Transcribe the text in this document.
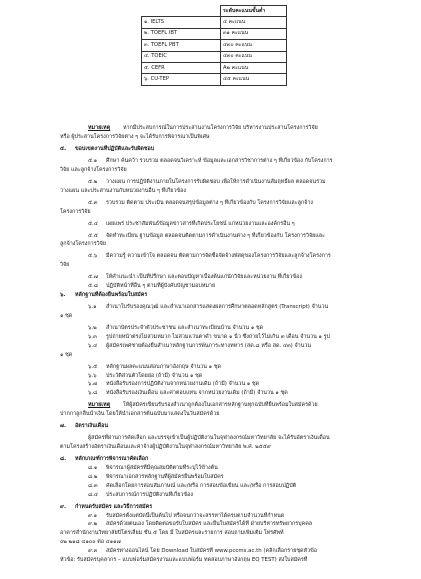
	ระดับคะแนนขั้นต่ำ
๑. IELTS	๔ คะแนน
๒. TOEFL IBT	๓๑ คะแนน
๓. TOEFL PBT	๔๓๐ คะแนน
๔. TOEIC	๔๓๐ คะแนน
๕. CEFR	A๒ คะแนน
๖. CU-TEP	๔๕ คะแนน
หมายเหตุ หากมีประสบการณ์ในการประสานงานโครงการวิจัย บริหารงานประสานโครงการวิจัย
หรือ ผู้ประสานโครงการวิจัยต่าง ๆ จะได้รับการพิจารณาเป็นพิเศษ
๕. ขอบเขตงานที่ปฏิบัติและรับผิดชอบ
๕.๑ ศึกษา ค้นคว้า รวบรวม ตลอดจนวิเคราะห์ ข้อมูลและเอกสารวิชาการต่าง ๆ ที่เกี่ยวข้อง กับโครงการ
วิจัย และลูกจ้างโครงการวิจัย
๕.๒ วางแผน การปฏิบัติงานภายในโครงการรับผิดชอบ เพื่อให้การดำเนินงานสัมฤทธิ์ผล ตลอดจนร่วม
วางแผน และประสานงานกับหน่วยงานอื่น ๆ ที่เกี่ยวข้อง
๕.๓ รวบรวม ติดตาม ประเมิน ตลอดจนสรุปข้อมูลต่าง ๆ ที่เกี่ยวข้องกับ โครงการวิจัยและลูกจ้าง
โครงการวิจัย
๕.๔ เผยแพร่ ประชาสัมพันธ์ข้อมูลข่าวสารที่เกิดประโยชน์ แก่หน่วยงานและองค์กรอื่น ๆ
๕.๕ จัดทำทะเบียน ฐานข้อมูล ตลอดจนติดตามการดำเนินงานต่าง ๆ ที่เกี่ยวข้องกับ โครงการวิจัยและ
ลูกจ้างโครงการวิจัย
๕.๖ มีความรู้ ความเข้าใจ ตลอดจน ติดตามการจัดซื้อจัดจ้างพัสดุของโครงการวิจัยและลูกจ้างโครงการ
วิจัย
๕.๗ ให้คำแนะนำ เป็นที่ปรึกษา และตอบปัญหาเบื้องต้นแก่นักวิจัยและหน่วยงาน ที่เกี่ยวข้อง
๕.๘ ปฏิบัติหน้าที่อื่น ๆ ตามที่ผู้บังคับบัญชามอบหมาย
๖. หลักฐานที่ต้องยื่นพร้อมใบสมัคร
๖.๑ สำเนาใบรับรองคุณวุฒิ และสำเนาเอกสารแสดงผลการศึกษาตลอดหลักสูตร (Transcript) จำนวน
๑ ชุด
๖.๒ สำเนาบัตรประจำตัวประชาชน และสำเนาทะเบียนบ้าน จำนวน ๑ ชุด
๖.๓ รูปถ่ายหน้าตรงไม่สวมหมวก ไม่สวมแว่นตาดำ ขนาด ๑ นิ้ว ซึ่งถ่ายไว้ไม่เกิน ๓ เดือน จำนวน ๑ รูป
๖.๔ ผู้สมัครเพศชายต้องยื่นสำเนาหลักฐานการพ้นภาระทางทหาร (สด.๘ หรือ สด. ๔๓) จำนวน
๑ ชุด
๖.๕ หลักฐานผลคะแนนสอบภาษาอังกฤษ จำนวน ๑ ชุด
๖.๖ ประวัติส่วนตัวโดยย่อ (ถ้ามี) จำนวน ๑ ชุด
๖.๗ หนังสือรับรองการปฏิบัติงานจากหน่วยงานเดิม (ถ้ามี) จำนวน ๑ ชุด
๖.๘ หนังสือรับรองเงินเดือน และค่าตอบแทน จากหน่วยงานเดิม (ถ้ามี) จำนวน ๑ ชุด
หมายเหตุ ให้ผู้สมัครเขียนรับรองสำเนาถูกต้องในเอกสารหลักฐานทุกฉบับที่ยื่นพร้อมใบสมัครด้วย
ปากกาลูกลื่นน้ำเงิน โดยให้นำเอกสารต้นฉบับมาแสดงในวันสมัครด้วย
๗. อัตราเงินเดือน
ผู้สมัครที่ผ่านการคัดเลือก และบรรจุเข้าเป็นผู้ปฏิบัติงานในจุฬาลงกรณ์มหาวิทยาลัย จะได้รับอัตราเงินเดือน
ตามโครงสร้างอัตราเงินเดือนและค่าจ้างผู้ปฏิบัติงานในจุฬาลงกรณ์มหาวิทยาลัย พ.ศ. ๒๕๕๙
๘. หลักเกณฑ์การพิจารณาคัดเลือก
๘.๑ พิจารณาผู้สมัครที่มีคุณสมบัติตามที่ระบุไว้ข้างต้น
๘.๒ พิจารณาเอกสารหลักฐานที่ผู้สมัครยื่นพร้อมใบสมัคร
๘.๓ คัดเลือกโดยการสอบสัมภาษณ์ และ/หรือ การสอบข้อเขียน และ/หรือ การสอบปฏิบัติ
๘.๔ ประสบการณ์การปฏิบัติงานที่เกี่ยวข้อง
๙. กำหนดรับสมัคร และวิธีการสมัคร
๙.๑ รับสมัครตั้งแต่บัดนี้เป็นต้นไป หรือจนกว่าจะสรรหาได้ครบตามจำนวนที่กำหนด
๙.๒ สมัครด้วยตนเอง โดยติดต่อขอรับใบสมัคร และยื่นใบสมัครได้ที่ ฝ่ายบริหารทรัพยากรบุคคล
อาคารสำนักงานวิทยาลัยปิโตรเลียม ชั้น ๕ โดย มี ใบสมัครและรายการ สอบถามเพิ่มเติม โทรศัพท์
๐๒ ๒๑๘ ๔๑๐๐ ต่อ ๔๑๑๗
๙.๓ สมัครทางออนไลน์ โดย Download ใบสมัครที่ www.pccms.ac.th (คลิกเลือกรายชุดหัวข้อ
หัวข้อ: รับสมัครบุคลากร – แบบฟอร์มสมัครงานและแบบฟอร์ม ทดสอบภาษาอังกฤษ EQ TEST) ส่งใบสมัครที่
